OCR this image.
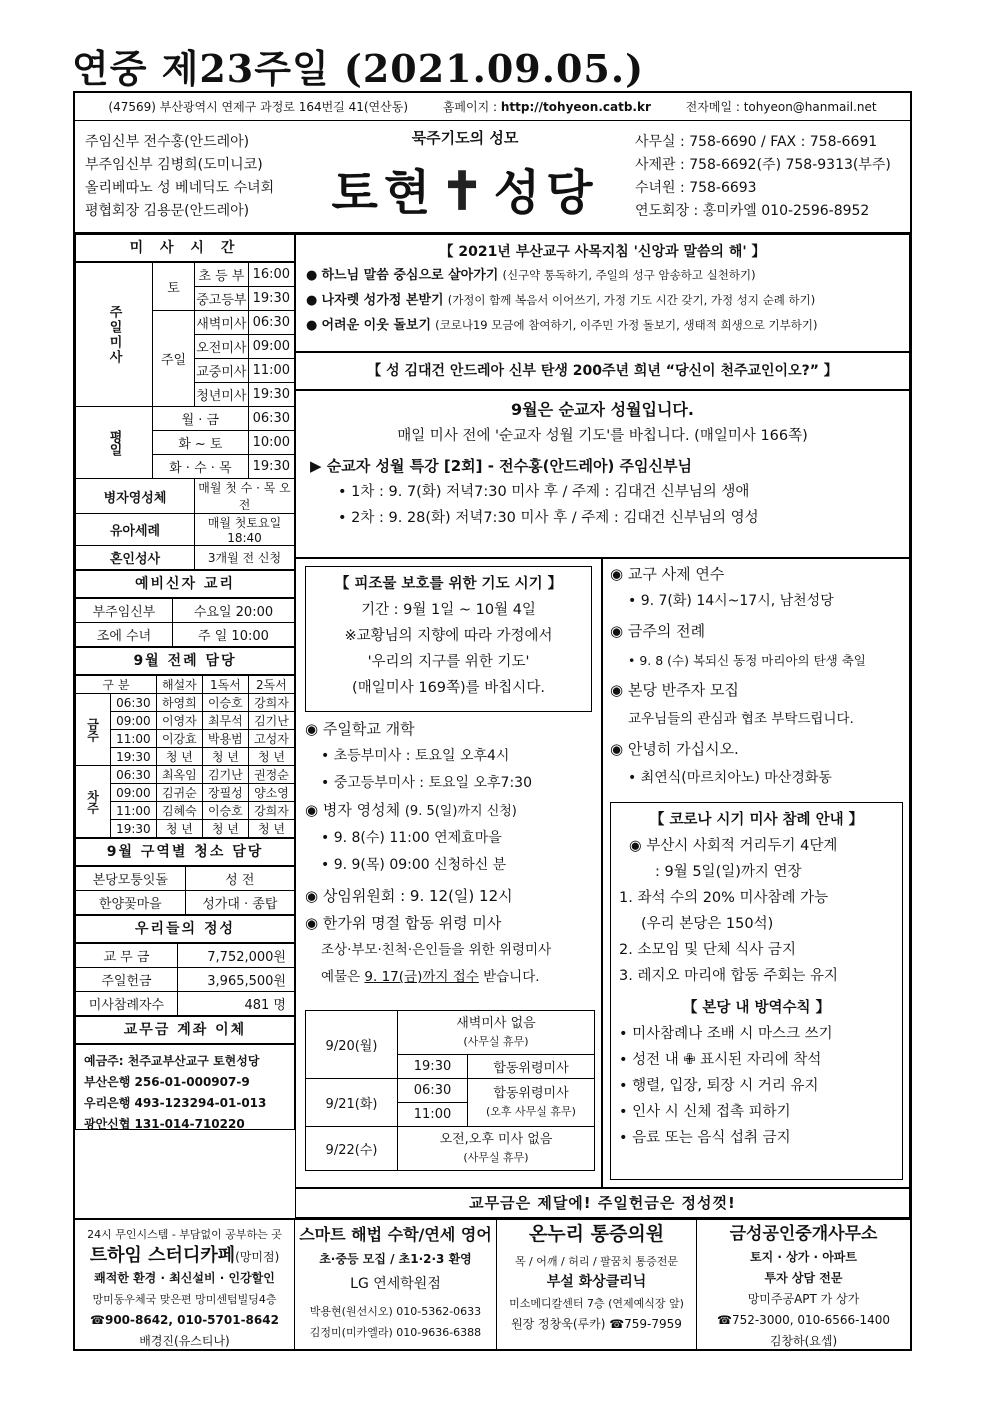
연중 제23주일 (2021.09.05.)
(47569) 부산광역시 연제구 과정로 164번길 41(연산동)	홈페이지 : http://tohyeon.catb.kr	전자메일 : tohyeon@hanmail.net
주임신부 전수홍(안드레아)
부주임신부 김병희(도미니코)
올리베따노 성 베네딕도 수녀회
평협회장 김용문(안드레아)
묵주기도의 성모
토현✝성당
사무실 : 758-6690 / FAX : 758-6691
사제관 : 758-6692(주) 758-9313(부주)
수녀원 : 758-6693
연도회장 : 홍미카엘 010-2596-8952
미 사 시 간
주일미사	토	초 등 부	16:00
		중고등부	19:30
	주일	새벽미사	06:30
		오전미사	09:00
		교중미사	11:00
		청년미사	19:30
평일	월 · 금		06:30
	화 ~ 토		10:00
	화 · 수 · 목		19:30
병자영성체		매월 첫 수 · 목 오전	
유아세례		매월 첫토요일 18:40	
혼인성사		3개월 전 신청	
예비신자 교리
부주임신부	수요일 20:00
조에 수녀	주 일 10:00
9월 전례 담당
구 분		해설자	1독서	2독서
금주	06:30	하영희	이승호	강희자
	09:00	이영자	최무석	김기난
	11:00	이강효	박용범	고성자
	19:30	청 년	청 년	청 년
차주	06:30	최옥임	김기난	권정순
	09:00	김귀순	장필성	양소영
	11:00	김혜숙	이승호	강희자
	19:30	청 년	청 년	청 년
9월 구역별 청소 담당
본당모퉁잇돌	성 전
한양꽃마을	성가대 · 종탑
우리들의 정성
교 무 금	7,752,000원
주일헌금	3,965,500원
미사참례자수	481 명
교무금 계좌 이체
예금주: 천주교부산교구 토현성당
부산은행 256-01-000907-9
우리은행 493-123294-01-013
광안신협 131-014-710220
【 2021년 부산교구 사목지침 '신앙과 말씀의 해' 】
● 하느님 말씀 중심으로 살아가기 (신구약 통독하기, 주일의 성구 암송하고 실천하기)
● 나자렛 성가정 본받기 (가정이 함께 복음서 이어쓰기, 가정 기도 시간 갖기, 가정 성지 순례 하기)
● 어려운 이웃 돌보기 (코로나19 모금에 참여하기, 이주민 가정 돌보기, 생태적 희생으로 기부하기)
【 성 김대건 안드레아 신부 탄생 200주년 희년 “당신이 천주교인이오?” 】
9월은 순교자 성월입니다.
매일 미사 전에 '순교자 성월 기도'를 바칩니다. (매일미사 166쪽)
▶ 순교자 성월 특강 [2회] - 전수홍(안드레아) 주임신부님
• 1차 : 9. 7(화) 저녁7:30 미사 후 / 주제 : 김대건 신부님의 생애
• 2차 : 9. 28(화) 저녁7:30 미사 후 / 주제 : 김대건 신부님의 영성
【 피조물 보호를 위한 기도 시기 】
기간 : 9월 1일 ~ 10월 4일
※교황님의 지향에 따라 가정에서
'우리의 지구를 위한 기도'
(매일미사 169쪽)를 바칩시다.
◉ 주일학교 개학
• 초등부미사 : 토요일 오후4시
• 중고등부미사 : 토요일 오후7:30
◉ 병자 영성체 (9. 5(일)까지 신청)
• 9. 8(수) 11:00 연제효마을
• 9. 9(목) 09:00 신청하신 분
◉ 상임위원회 : 9. 12(일) 12시
◉ 한가위 명절 합동 위령 미사
조상·부모·친척·은인들을 위한 위령미사
예물은 9. 17(금)까지 접수 받습니다.
9/20(월)	새벽미사 없음
(사무실 휴무)	

	19:30	합동위령미사
9/21(화)	06:30	합동위령미사
(오후 사무실 휴무)

	11:00	
9/22(수)	오전,오후 미사 없음
(사무실 휴무)	
◉ 교구 사제 연수
• 9. 7(화) 14시~17시, 남천성당
◉ 금주의 전례
• 9. 8 (수) 복되신 동정 마리아의 탄생 축일
◉ 본당 반주자 모집
교우님들의 관심과 협조 부탁드립니다.
◉ 안녕히 가십시오.
• 최연식(마르치아노) 마산경화동
【 코로나 시기 미사 참례 안내 】
◉ 부산시 사회적 거리두기 4단계
: 9월 5일(일)까지 연장
1. 좌석 수의 20% 미사참례 가능
(우리 본당은 150석)
2. 소모임 및 단체 식사 금지
3. 레지오 마리애 합동 주회는 유지
【 본당 내 방역수칙 】
• 미사참례나 조배 시 마스크 쓰기
• 성전 내 ✙ 표시된 자리에 착석
• 행렬, 입장, 퇴장 시 거리 유지
• 인사 시 신체 접촉 피하기
• 음료 또는 음식 섭취 금지
교무금은 제달에! 주일헌금은 정성껏!
24시 무인시스템 - 부담없이 공부하는 곳
트하임 스터디카페(망미점)
쾌적한 환경 · 최신설비 · 인강할인
망미동우체국 맞은편 망미센텀빌딩4층
☎900-8642, 010-5701-8642
배경진(유스티나)
스마트 해법 수학/연세 영어
초·중등 모집 / 초1·2·3 환영
LG 연세학원점
박용현(원선시오) 010-5362-0633
김정미(미카엘라) 010-9636-6388
온누리 통증의원
목 / 어깨 / 허리 / 팔꿈치 통증전문
부설 화상클리닉
미소메디칼센터 7층 (연제예식장 앞)
원장 정창욱(루카) ☎759-7959
금성공인중개사무소
토지 · 상가 · 아파트
투자 상담 전문
망미주공APT 가 상가
☎752-3000, 010-6566-1400
김창하(요셉)
